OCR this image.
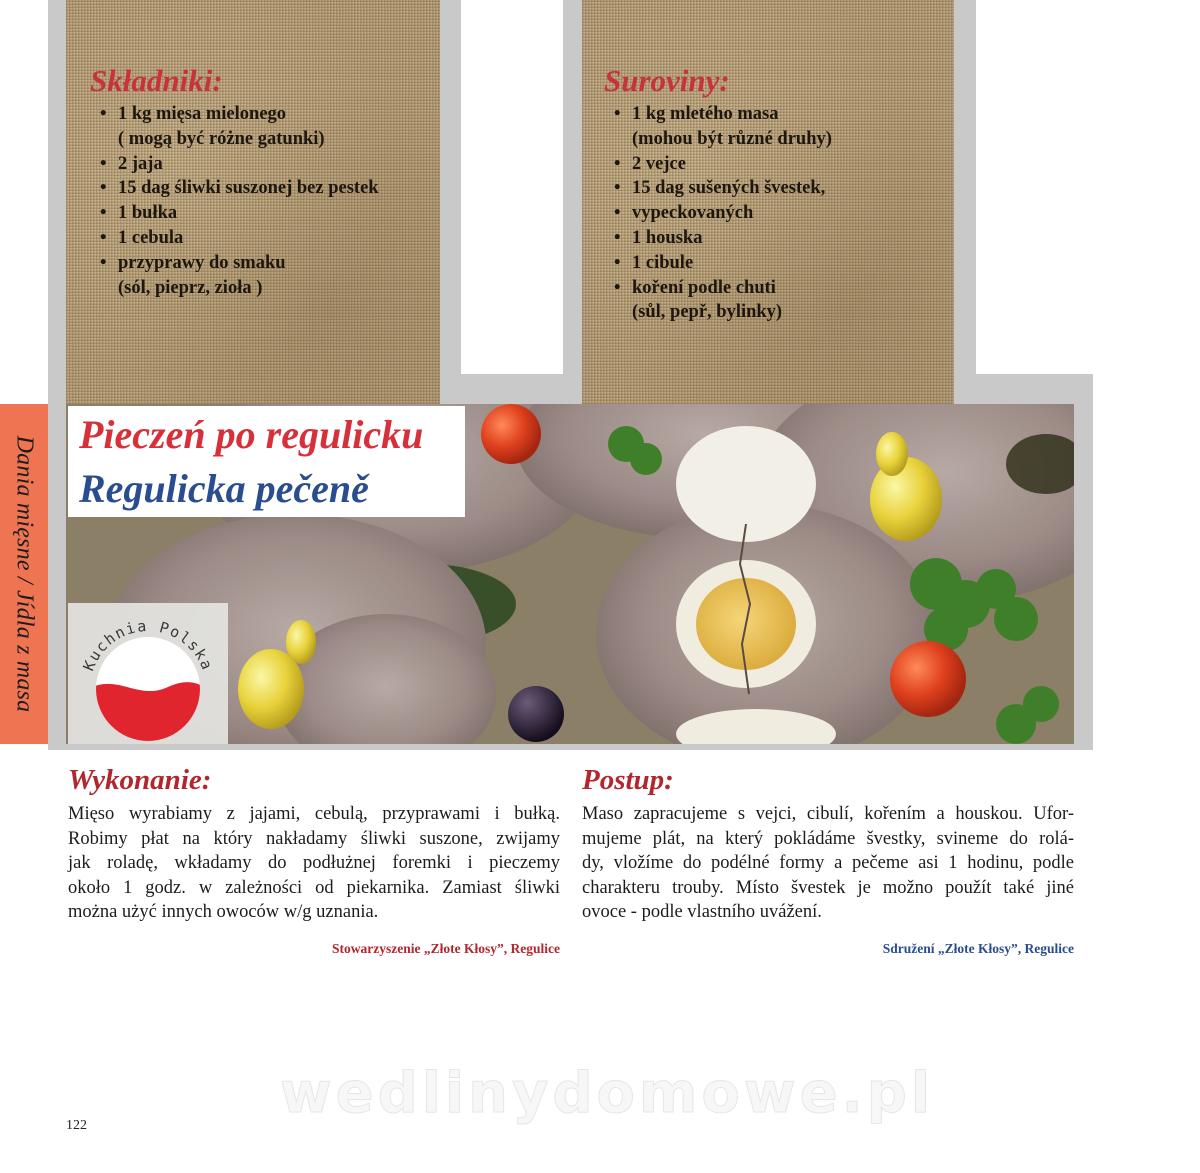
Składniki:
• 1 kg mięsa mielonego
( mogą być różne gatunki)
• 2 jaja
• 15 dag śliwki suszonej bez pestek
• 1 bułka
• 1 cebula
• przyprawy do smaku
(sól, pieprz, zioła )
Suroviny:
• 1 kg mletého masa
(mohou být různé druhy)
• 2 vejce
• 15 dag sušených švestek,
• vypeckovaných
• 1 houska
• 1 cibule
• koření podle chuti
(sůl, pepř, bylinky)
Dania mięsne / Jídla z masa
Pieczeń po regulicku
Regulicka pečeně
Kuchnia Polska
Wykonanie:

Mięso wyrabiamy z jajami, cebulą, przyprawami i bułką.
Robimy płat na który nakładamy śliwki suszone, zwijamy
jak roladę, wkładamy do podłużnej foremki i pieczemy
około 1 godz. w zależności od piekarnika. Zamiast śliwki
można użyć innych owoców w/g uznania.

Stowarzyszenie „Złote Kłosy”, Regulice

Postup:

Maso zapracujeme s vejci, cibulí, kořením a houskou. Ufor-
mujeme plát, na který pokládáme švestky, svineme do rolá-
dy, vložíme do podélné formy a pečeme asi 1 hodinu, podle
charakteru trouby. Místo švestek je možno použít také jiné
ovoce - podle vlastního uvážení.

Sdružení „Złote Kłosy”, Regulice

wedlinydomowe.pl
122
